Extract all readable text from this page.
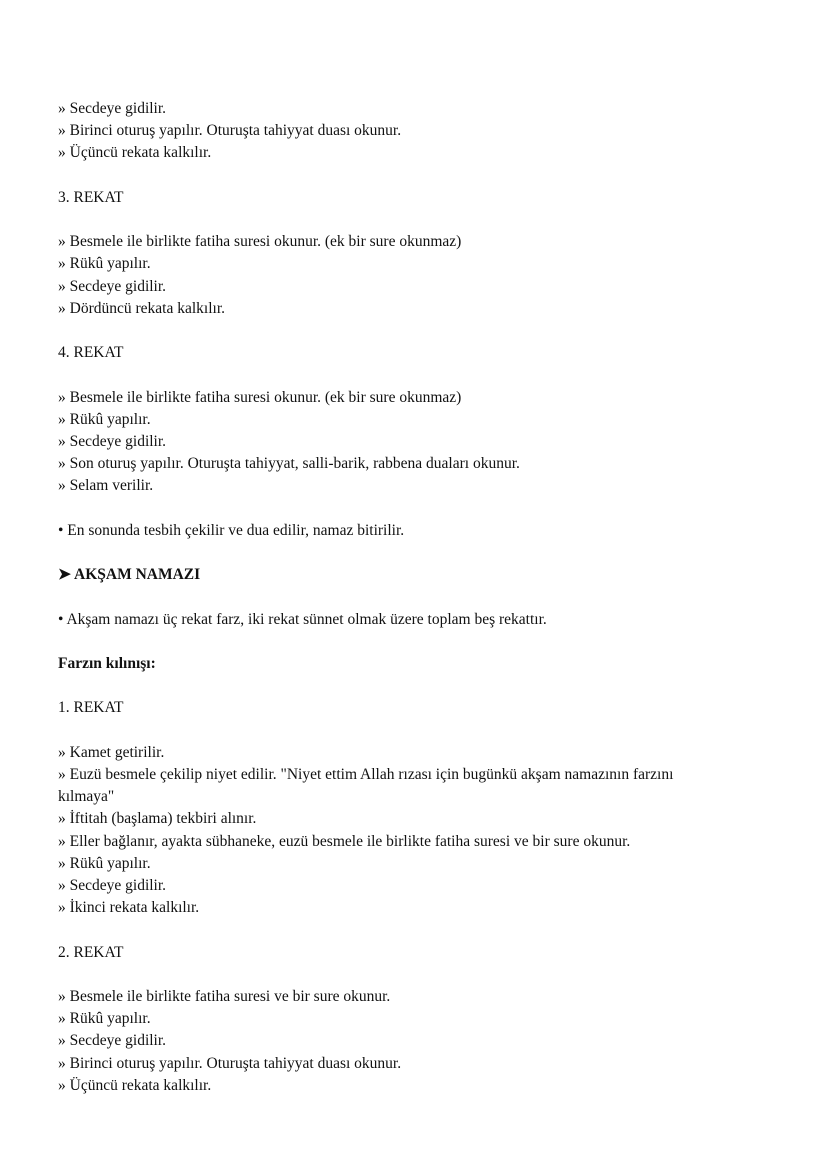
» Secdeye gidilir.
» Birinci oturuş yapılır. Oturuşta tahiyyat duası okunur.
» Üçüncü rekata kalkılır.
3. REKAT
» Besmele ile birlikte fatiha suresi okunur. (ek bir sure okunmaz)
» Rükû yapılır.
» Secdeye gidilir.
» Dördüncü rekata kalkılır.
4. REKAT
» Besmele ile birlikte fatiha suresi okunur. (ek bir sure okunmaz)
» Rükû yapılır.
» Secdeye gidilir.
» Son oturuş yapılır. Oturuşta tahiyyat, salli-barik, rabbena duaları okunur.
» Selam verilir.
• En sonunda tesbih çekilir ve dua edilir, namaz bitirilir.
➤ AKŞAM NAMAZI
• Akşam namazı üç rekat farz, iki rekat sünnet olmak üzere toplam beş rekattır.
Farzın kılınışı:
1. REKAT
» Kamet getirilir.
» Euzü besmele çekilip niyet edilir. "Niyet ettim Allah rızası için bugünkü akşam namazının farzını kılmaya"
» İftitah (başlama) tekbiri alınır.
» Eller bağlanır, ayakta sübhaneke, euzü besmele ile birlikte fatiha suresi ve bir sure okunur.
» Rükû yapılır.
» Secdeye gidilir.
» İkinci rekata kalkılır.
2. REKAT
» Besmele ile birlikte fatiha suresi ve bir sure okunur.
» Rükû yapılır.
» Secdeye gidilir.
» Birinci oturuş yapılır. Oturuşta tahiyyat duası okunur.
» Üçüncü rekata kalkılır.
